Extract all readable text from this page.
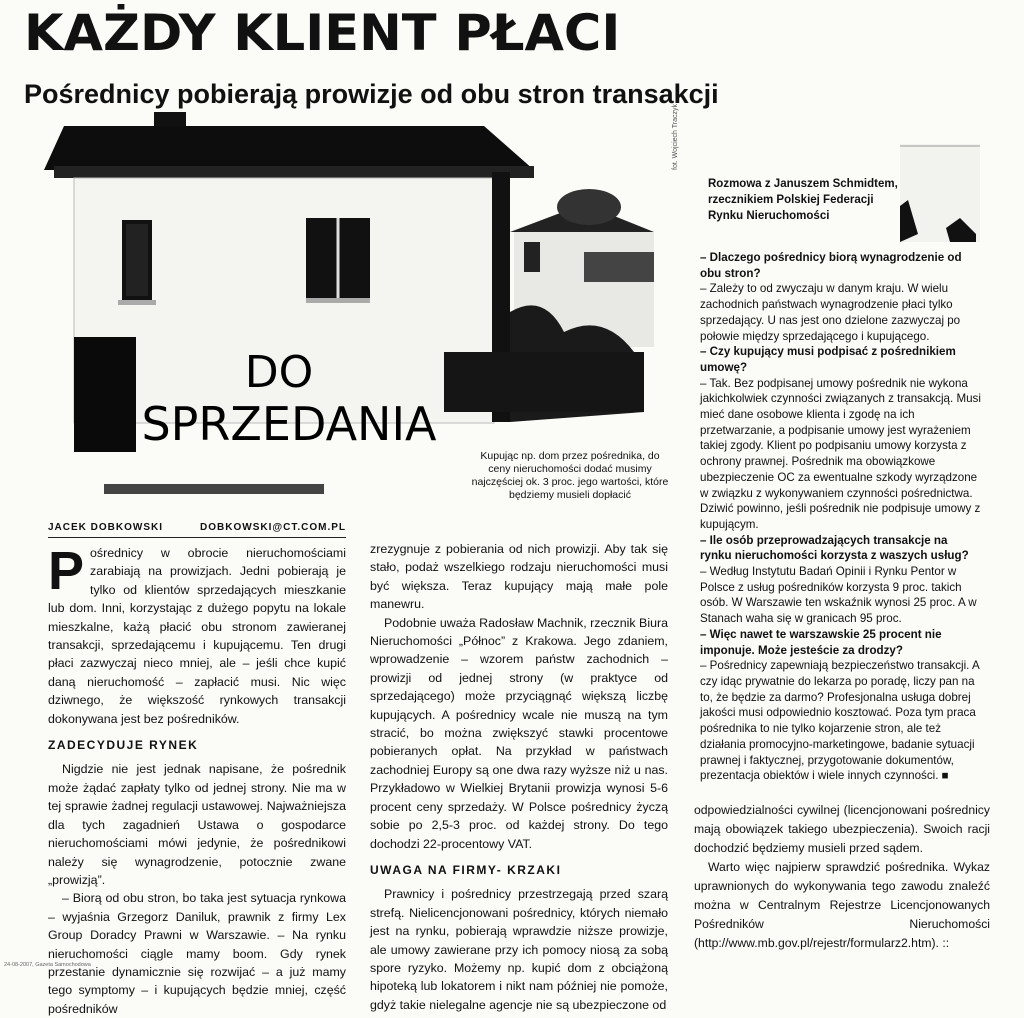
KAŻDY KLIENT PŁACI
Pośrednicy pobierają prowizje od obu stron transakcji
DO
SPRZEDANIA
Kupując np. dom przez pośrednika, do ceny nieruchomości dodać musimy najczęściej ok. 3 proc. jego wartości, które będziemy musieli dopłacić
fot. Wojciech Traczyk
Rozmowa z Januszem Schmidtem, rzecznikiem Polskiej Federacji Rynku Nieruchomości

– Dlaczego pośrednicy biorą wynagrodzenie od obu stron?

– Zależy to od zwyczaju w danym kraju. W wielu zachodnich państwach wynagrodzenie płaci tylko sprzedający. U nas jest ono dzielone zazwyczaj po połowie między sprzedającego i kupującego.

– Czy kupujący musi podpisać z pośrednikiem umowę?

– Tak. Bez podpisanej umowy pośrednik nie wykona jakichkolwiek czynności związanych z transakcją. Musi mieć dane osobowe klienta i zgodę na ich przetwarzanie, a podpisanie umowy jest wyrażeniem takiej zgody. Klient po podpisaniu umowy korzysta z ochrony prawnej. Pośrednik ma obowiązkowe ubezpieczenie OC za ewentualne szkody wyrządzone w związku z wykonywaniem czynności pośrednictwa. Dziwić powinno, jeśli pośrednik nie podpisuje umowy z kupującym.

– Ile osób przeprowadzających transakcje na rynku nieruchomości korzysta z waszych usług?

– Według Instytutu Badań Opinii i Rynku Pentor w Polsce z usług pośredników korzysta 9 proc. takich osób. W Warszawie ten wskaźnik wynosi 25 proc. A w Stanach waha się w granicach 95 proc.

– Więc nawet te warszawskie 25 procent nie imponuje. Może jesteście za drodzy?

– Pośrednicy zapewniają bezpieczeństwo transakcji. A czy idąc prywatnie do lekarza po poradę, liczy pan na to, że będzie za darmo? Profesjonalna usługa dobrej jakości musi odpowiednio kosztować. Poza tym praca pośrednika to nie tylko kojarzenie stron, ale też działania promocyjno-marketingowe, badanie sytuacji prawnej i faktycznej, przygotowanie dokumentów, prezentacja obiektów i wiele innych czynności. ■

JACEK DOBKOWSKI	DOBKOWSKI@CT.COM.PL

Pośrednicy w obrocie nieruchomościami zarabiają na prowizjach. Jedni pobierają je tylko od klientów sprzedających mieszkanie lub dom. Inni, korzystając z dużego popytu na lokale mieszkalne, każą płacić obu stronom zawieranej transakcji, sprzedającemu i kupującemu. Ten drugi płaci zazwyczaj nieco mniej, ale – jeśli chce kupić daną nieruchomość – zapłacić musi. Nic więc dziwnego, że większość rynkowych transakcji dokonywana jest bez pośredników.

ZADECYDUJE RYNEK

Nigdzie nie jest jednak napisane, że pośrednik może żądać zapłaty tylko od jednej strony. Nie ma w tej sprawie żadnej regulacji ustawowej. Najważniejsza dla tych zagadnień Ustawa o gospodarce nieruchomościami mówi jedynie, że pośrednikowi należy się wynagrodzenie, potocznie zwane „prowizją”.

– Biorą od obu stron, bo taka jest sytuacja rynkowa – wyjaśnia Grzegorz Daniluk, prawnik z firmy Lex Group Doradcy Prawni w Warszawie. – Na rynku nieruchomości ciągle mamy boom. Gdy rynek przestanie dynamicznie się rozwijać – a już mamy tego symptomy – i kupujących będzie mniej, część pośredników

zrezygnuje z pobierania od nich prowizji. Aby tak się stało, podaż wszelkiego rodzaju nieruchomości musi być większa. Teraz kupujący mają małe pole manewru.

Podobnie uważa Radosław Machnik, rzecznik Biura Nieruchomości „Północ” z Krakowa. Jego zdaniem, wprowadzenie – wzorem państw zachodnich – prowizji od jednej strony (w praktyce od sprzedającego) może przyciągnąć większą liczbę kupujących. A pośrednicy wcale nie muszą na tym stracić, bo można zwiększyć stawki procentowe pobieranych opłat. Na przykład w państwach zachodniej Europy są one dwa razy wyższe niż u nas. Przykładowo w Wielkiej Brytanii prowizja wynosi 5-6 procent ceny sprzedaży. W Polsce pośrednicy życzą sobie po 2,5-3 proc. od każdej strony. Do tego dochodzi 22-procentowy VAT.

UWAGA NA FIRMY- KRZAKI

Prawnicy i pośrednicy przestrzegają przed szarą strefą. Nielicencjonowani pośrednicy, których niemało jest na rynku, pobierają wprawdzie niższe prowizje, ale umowy zawierane przy ich pomocy niosą za sobą spore ryzyko. Możemy np. kupić dom z obciążoną hipoteką lub lokatorem i nikt nam później nie pomoże, gdyż takie nielegalne agencje nie są ubezpieczone od

odpowiedzialności cywilnej (licencjonowani pośrednicy mają obowiązek takiego ubezpieczenia). Swoich racji dochodzić będziemy musieli przed sądem.

Warto więc najpierw sprawdzić pośrednika. Wykaz uprawnionych do wykonywania tego zawodu znaleźć można w Centralnym Rejestrze Licencjonowanych Pośredników Nieruchomości (http://www.mb.gov.pl/rejestr/formularz2.htm). ::

24-08-2007, Gazeta Samochodowa
